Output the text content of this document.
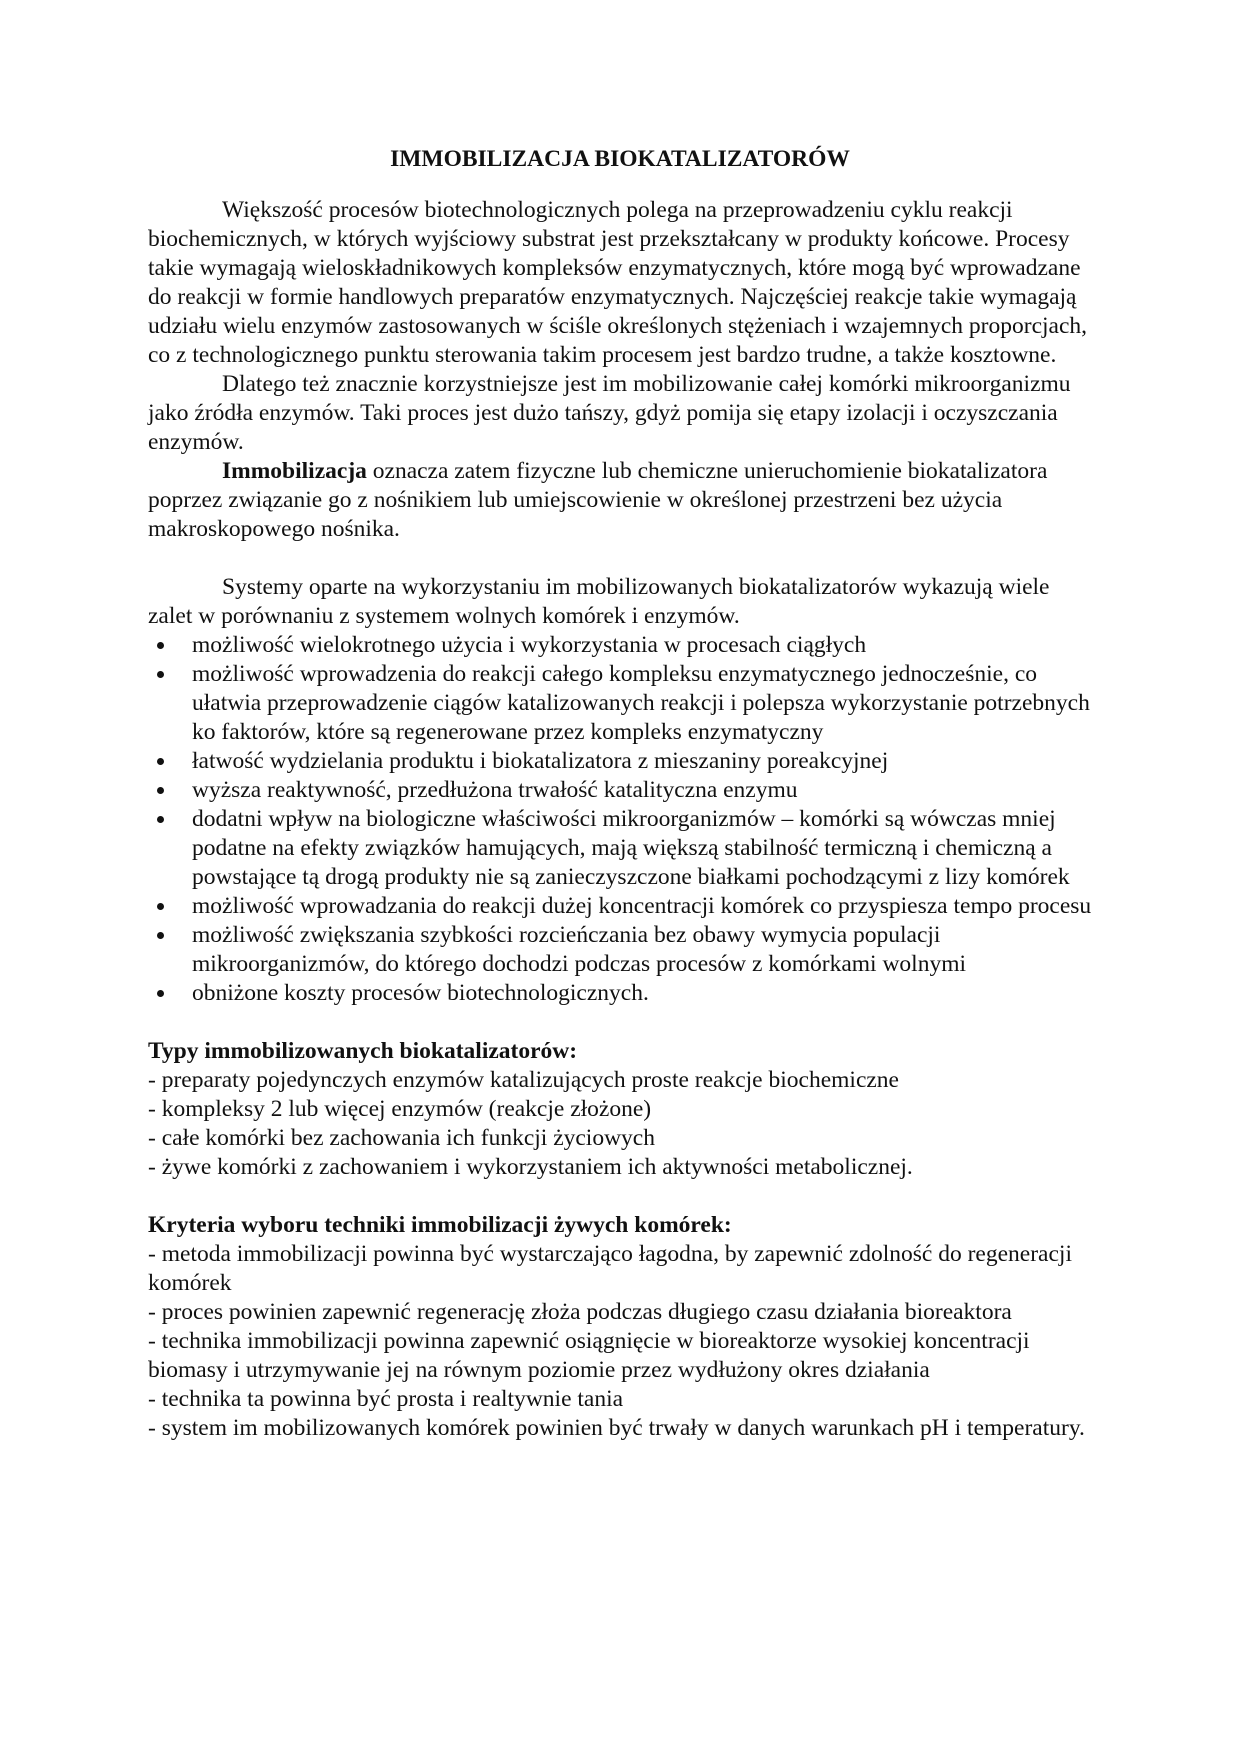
IMMOBILIZACJA BIOKATALIZATORÓW

Większość procesów biotechnologicznych polega na przeprowadzeniu cyklu reakcji biochemicznych, w których wyjściowy substrat jest przekształcany w produkty końcowe. Procesy takie wymagają wieloskładnikowych kompleksów enzymatycznych, które mogą być wprowadzane do reakcji w formie handlowych preparatów enzymatycznych. Najczęściej reakcje takie wymagają udziału wielu enzymów zastosowanych w ściśle określonych stężeniach i wzajemnych proporcjach, co z technologicznego punktu sterowania takim procesem jest bardzo trudne, a także kosztowne.

Dlatego też znacznie korzystniejsze jest im mobilizowanie całej komórki mikroorganizmu jako źródła enzymów. Taki proces jest dużo tańszy, gdyż pomija się etapy izolacji i oczyszczania enzymów.

Immobilizacja oznacza zatem fizyczne lub chemiczne unieruchomienie biokatalizatora poprzez związanie go z nośnikiem lub umiejscowienie w określonej przestrzeni bez użycia makroskopowego nośnika.

Systemy oparte na wykorzystaniu im mobilizowanych biokatalizatorów wykazują wiele zalet w porównaniu z systemem wolnych komórek i enzymów.

możliwość wielokrotnego użycia i wykorzystania w procesach ciągłych
możliwość wprowadzenia do reakcji całego kompleksu enzymatycznego jednocześnie, co ułatwia przeprowadzenie ciągów katalizowanych reakcji i polepsza wykorzystanie potrzebnych ko faktorów, które są regenerowane przez kompleks enzymatyczny
łatwość wydzielania produktu i biokatalizatora z mieszaniny poreakcyjnej
wyższa reaktywność, przedłużona trwałość katalityczna enzymu
dodatni wpływ na biologiczne właściwości mikroorganizmów – komórki są wówczas mniej podatne na efekty związków hamujących, mają większą stabilność termiczną i chemiczną a powstające tą drogą produkty nie są zanieczyszczone białkami pochodzącymi z lizy komórek
możliwość wprowadzania do reakcji dużej koncentracji komórek co przyspiesza tempo procesu
możliwość zwiększania szybkości rozcieńczania bez obawy wymycia populacji mikroorganizmów, do którego dochodzi podczas procesów z komórkami wolnymi
obniżone koszty procesów biotechnologicznych.

Typy immobilizowanych biokatalizatorów:

- preparaty pojedynczych enzymów katalizujących proste reakcje biochemiczne

- kompleksy 2 lub więcej enzymów (reakcje złożone)

- całe komórki bez zachowania ich funkcji życiowych

- żywe komórki z zachowaniem i wykorzystaniem ich aktywności metabolicznej.

Kryteria wyboru techniki immobilizacji żywych komórek:

- metoda immobilizacji powinna być wystarczająco łagodna, by zapewnić zdolność do regeneracji komórek

- proces powinien zapewnić regenerację złoża podczas długiego czasu działania bioreaktora

- technika immobilizacji powinna zapewnić osiągnięcie w bioreaktorze wysokiej koncentracji biomasy i utrzymywanie jej na równym poziomie przez wydłużony okres działania

- technika ta powinna być prosta i realtywnie tania

- system im mobilizowanych komórek powinien być trwały w danych warunkach pH i temperatury.
